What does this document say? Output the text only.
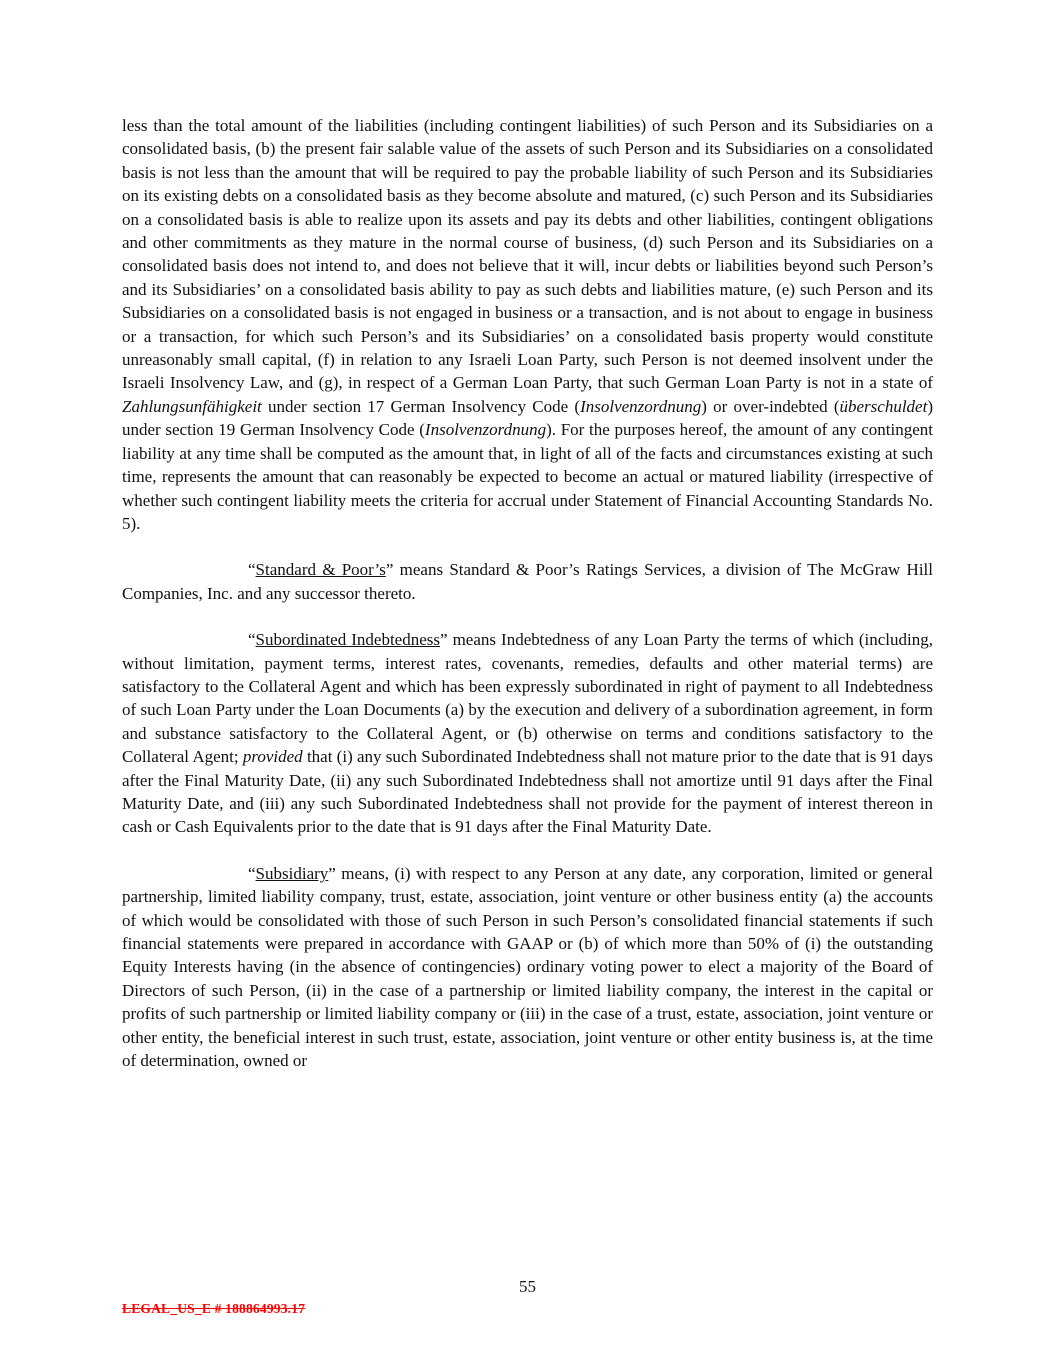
less than the total amount of the liabilities (including contingent liabilities) of such Person and its Subsidiaries on a consolidated basis, (b) the present fair salable value of the assets of such Person and its Subsidiaries on a consolidated basis is not less than the amount that will be required to pay the probable liability of such Person and its Subsidiaries on its existing debts on a consolidated basis as they become absolute and matured, (c) such Person and its Subsidiaries on a consolidated basis is able to realize upon its assets and pay its debts and other liabilities, contingent obligations and other commitments as they mature in the normal course of business, (d) such Person and its Subsidiaries on a consolidated basis does not intend to, and does not believe that it will, incur debts or liabilities beyond such Person’s and its Subsidiaries’ on a consolidated basis ability to pay as such debts and liabilities mature, (e) such Person and its Subsidiaries on a consolidated basis is not engaged in business or a transaction, and is not about to engage in business or a transaction, for which such Person’s and its Subsidiaries’ on a consolidated basis property would constitute unreasonably small capital, (f) in relation to any Israeli Loan Party, such Person is not deemed insolvent under the Israeli Insolvency Law, and (g), in respect of a German Loan Party, that such German Loan Party is not in a state of Zahlungsunfähigkeit under section 17 German Insolvency Code (Insolvenzordnung) or over-indebted (überschuldet) under section 19 German Insolvency Code (Insolvenzordnung). For the purposes hereof, the amount of any contingent liability at any time shall be computed as the amount that, in light of all of the facts and circumstances existing at such time, represents the amount that can reasonably be expected to become an actual or matured liability (irrespective of whether such contingent liability meets the criteria for accrual under Statement of Financial Accounting Standards No. 5).

“Standard & Poor’s” means Standard & Poor’s Ratings Services, a division of The McGraw Hill Companies, Inc. and any successor thereto.

“Subordinated Indebtedness” means Indebtedness of any Loan Party the terms of which (including, without limitation, payment terms, interest rates, covenants, remedies, defaults and other material terms) are satisfactory to the Collateral Agent and which has been expressly subordinated in right of payment to all Indebtedness of such Loan Party under the Loan Documents (a) by the execution and delivery of a subordination agreement, in form and substance satisfactory to the Collateral Agent, or (b) otherwise on terms and conditions satisfactory to the Collateral Agent; provided that (i) any such Subordinated Indebtedness shall not mature prior to the date that is 91 days after the Final Maturity Date, (ii) any such Subordinated Indebtedness shall not amortize until 91 days after the Final Maturity Date, and (iii) any such Subordinated Indebtedness shall not provide for the payment of interest thereon in cash or Cash Equivalents prior to the date that is 91 days after the Final Maturity Date.

“Subsidiary” means, (i) with respect to any Person at any date, any corporation, limited or general partnership, limited liability company, trust, estate, association, joint venture or other business entity (a) the accounts of which would be consolidated with those of such Person in such Person’s consolidated financial statements if such financial statements were prepared in accordance with GAAP or (b) of which more than 50% of (i) the outstanding Equity Interests having (in the absence of contingencies) ordinary voting power to elect a majority of the Board of Directors of such Person, (ii) in the case of a partnership or limited liability company, the interest in the capital or profits of such partnership or limited liability company or (iii) in the case of a trust, estate, association, joint venture or other entity, the beneficial interest in such trust, estate, association, joint venture or other entity business is, at the time of determination, owned or

55
LEGAL_US_E # 188864993.17
